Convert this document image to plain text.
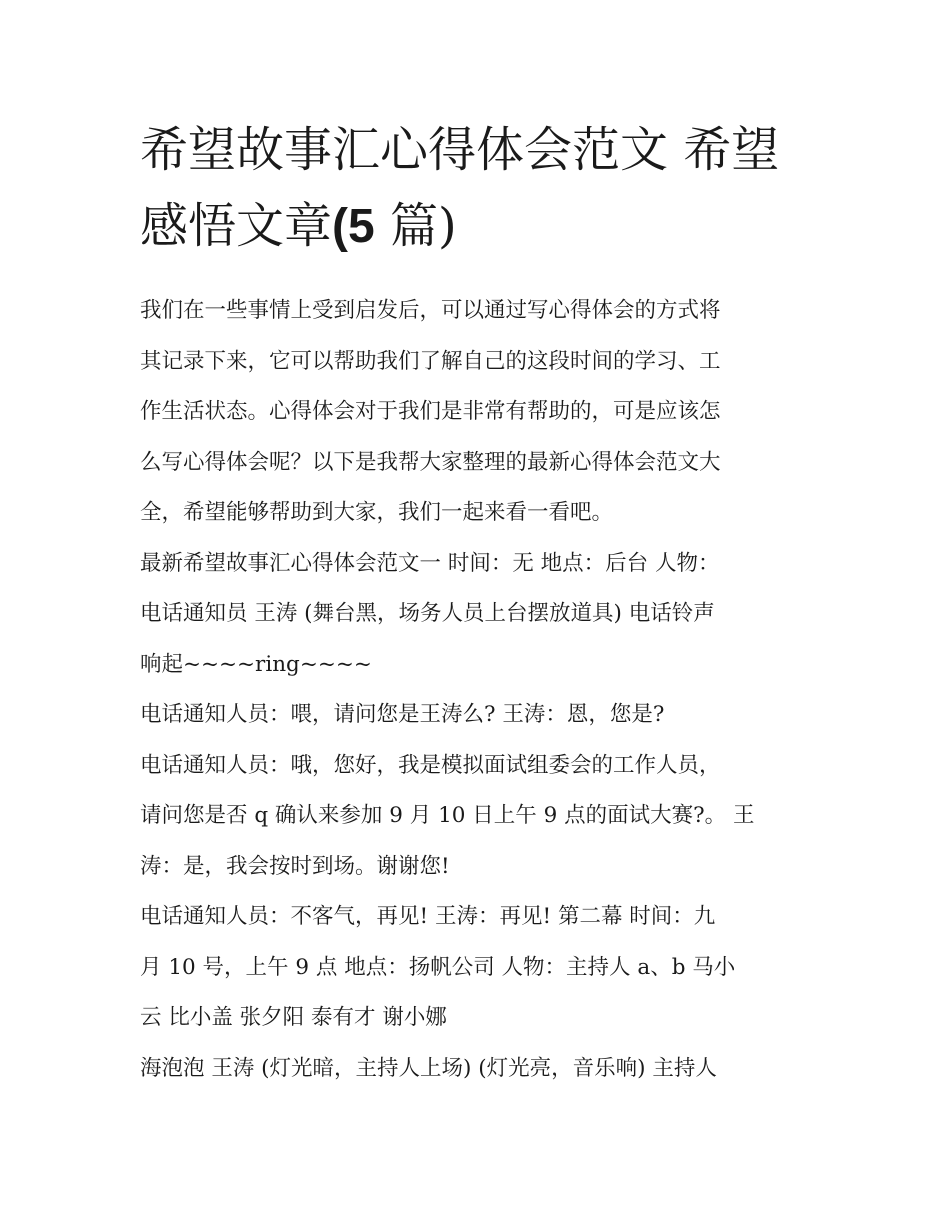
希望故事汇心得体会范文 希望
感悟文章(5 篇)
我们在一些事情上受到启发后，可以通过写心得体会的方式将
其记录下来，它可以帮助我们了解自己的这段时间的学习、工
作生活状态。心得体会对于我们是非常有帮助的，可是应该怎
么写心得体会呢？以下是我帮大家整理的最新心得体会范文大
全，希望能够帮助到大家，我们一起来看一看吧。
最新希望故事汇心得体会范文一 时间：无 地点：后台 人物：
电话通知员 王涛 (舞台黑，场务人员上台摆放道具) 电话铃声
响起~~~~ring~~~~
电话通知人员：喂，请问您是王涛么? 王涛：恩，您是?
电话通知人员：哦，您好，我是模拟面试组委会的工作人员，
请问您是否 q 确认来参加 9 月 10 日上午 9 点的面试大赛?。 王
涛：是，我会按时到场。谢谢您!
电话通知人员：不客气，再见! 王涛：再见! 第二幕 时间：九
月 10 号，上午 9 点 地点：扬帆公司 人物：主持人 a、b 马小
云 比小盖 张夕阳 泰有才 谢小娜
海泡泡 王涛 (灯光暗，主持人上场) (灯光亮，音乐响) 主持人
